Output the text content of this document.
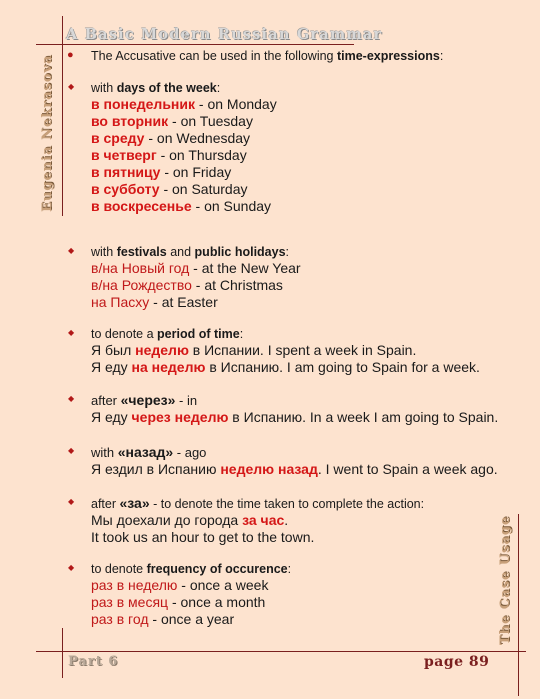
A Basic Modern Russian Grammar
Eugenia Nekrasova
The Case Usage
Part 6	page 89
● The Accusative can be used in the following time-expressions:
◆ with days of the week:
в понедельник - on Monday
во вторник - on Tuesday
в среду - on Wednesday
в четверг - on Thursday
в пятницу - on Friday
в субботу - on Saturday
в воскресенье - on Sunday
◆ with festivals and public holidays:
в/на Новый год - at the New Year
в/на Рождество - at Christmas
на Пасху - at Easter
◆ to denote a period of time:
Я был неделю в Испании. I spent a week in Spain.
Я еду на неделю в Испанию. I am going to Spain for a week.
◆ after «через» - in
Я еду через неделю в Испанию. In a week I am going to Spain.
◆ with «назад» - ago
Я ездил в Испанию неделю назад. I went to Spain a week ago.
◆ after «за» - to denote the time taken to complete the action:
Мы доехали до города за час.
It took us an hour to get to the town.
◆ to denote frequency of occurence:
раз в неделю - once a week
раз в месяц - once a month
раз в год - once a year
